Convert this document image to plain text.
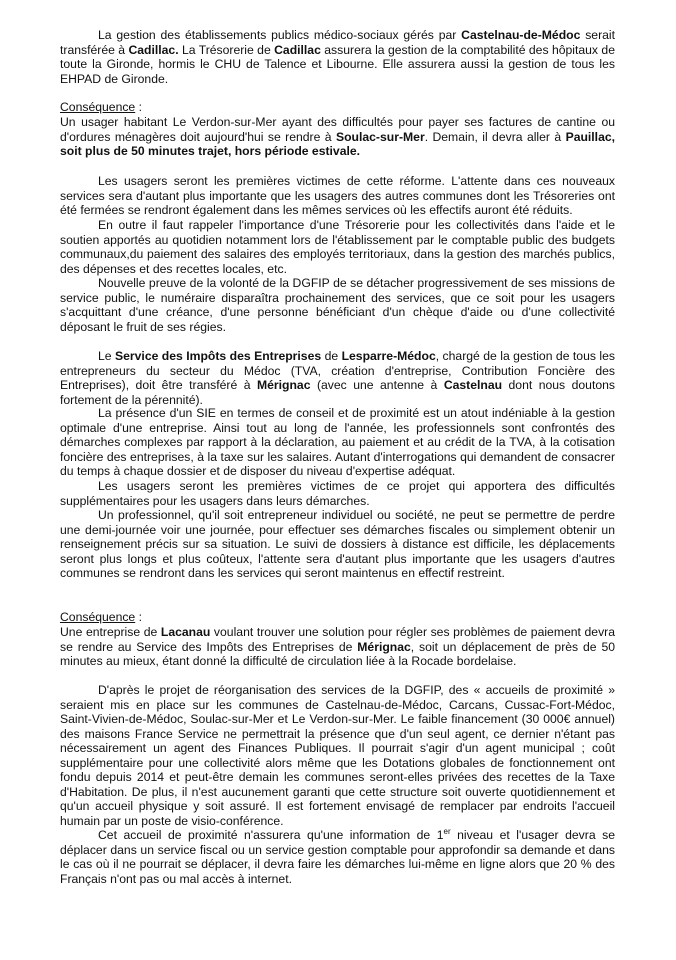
La gestion des établissements publics médico-sociaux gérés par Castelnau-de-Médoc serait transférée à Cadillac. La Trésorerie de Cadillac assurera la gestion de la comptabilité des hôpitaux de toute la Gironde, hormis le CHU de Talence et Libourne. Elle assurera aussi la gestion de tous les EHPAD de Gironde.

Conséquence :

Un usager habitant Le Verdon-sur-Mer ayant des difficultés pour payer ses factures de cantine ou d'ordures ménagères doit aujourd'hui se rendre à Soulac-sur-Mer. Demain, il devra aller à Pauillac, soit plus de 50 minutes trajet, hors période estivale.

Les usagers seront les premières victimes de cette réforme. L'attente dans ces nouveaux services sera d'autant plus importante que les usagers des autres communes dont les Trésoreries ont été fermées se rendront également dans les mêmes services où les effectifs auront été réduits.

En outre il faut rappeler l'importance d'une Trésorerie pour les collectivités dans l'aide et le soutien apportés au quotidien notamment lors de l'établissement par le comptable public des budgets communaux,du paiement des salaires des employés territoriaux, dans la gestion des marchés publics, des dépenses et des recettes locales, etc.

Nouvelle preuve de la volonté de la DGFIP de se détacher progressivement de ses missions de service public, le numéraire disparaîtra prochainement des services, que ce soit pour les usagers s'acquittant d'une créance, d'une personne bénéficiant d'un chèque d'aide ou d'une collectivité déposant le fruit de ses régies.

Le Service des Impôts des Entreprises de Lesparre-Médoc, chargé de la gestion de tous les entrepreneurs du secteur du Médoc (TVA, création d'entreprise, Contribution Foncière des Entreprises), doit être transféré à Mérignac (avec une antenne à Castelnau dont nous doutons fortement de la pérennité).

La présence d'un SIE en termes de conseil et de proximité est un atout indéniable à la gestion optimale d'une entreprise. Ainsi tout au long de l'année, les professionnels sont confrontés des démarches complexes par rapport à la déclaration, au paiement et au crédit de la TVA, à la cotisation foncière des entreprises, à la taxe sur les salaires. Autant d'interrogations qui demandent de consacrer du temps à chaque dossier et de disposer du niveau d'expertise adéquat.

Les usagers seront les premières victimes de ce projet qui apportera des difficultés supplémentaires pour les usagers dans leurs démarches.

Un professionnel, qu'il soit entrepreneur individuel ou société, ne peut se permettre de perdre une demi-journée voir une journée, pour effectuer ses démarches fiscales ou simplement obtenir un renseignement précis sur sa situation. Le suivi de dossiers à distance est difficile, les déplacements seront plus longs et plus coûteux, l'attente sera d'autant plus importante que les usagers d'autres communes se rendront dans les services qui seront maintenus en effectif restreint.

Conséquence :

Une entreprise de Lacanau voulant trouver une solution pour régler ses problèmes de paiement devra se rendre au Service des Impôts des Entreprises de Mérignac, soit un déplacement de près de 50 minutes au mieux, étant donné la difficulté de circulation liée à la Rocade bordelaise.

D'après le projet de réorganisation des services de la DGFIP, des « accueils de proximité » seraient mis en place sur les communes de Castelnau-de-Médoc, Carcans, Cussac-Fort-Médoc, Saint-Vivien-de-Médoc, Soulac-sur-Mer et Le Verdon-sur-Mer. Le faible financement (30 000€ annuel) des maisons France Service ne permettrait la présence que d'un seul agent, ce dernier n'étant pas nécessairement un agent des Finances Publiques. Il pourrait s'agir d'un agent municipal ; coût supplémentaire pour une collectivité alors même que les Dotations globales de fonctionnement ont fondu depuis 2014 et peut-être demain les communes seront-elles privées des recettes de la Taxe d'Habitation. De plus, il n'est aucunement garanti que cette structure soit ouverte quotidiennement et qu'un accueil physique y soit assuré. Il est fortement envisagé de remplacer par endroits l'accueil humain par un poste de visio-conférence.

Cet accueil de proximité n'assurera qu'une information de 1er niveau et l'usager devra se déplacer dans un service fiscal ou un service gestion comptable pour approfondir sa demande et dans le cas où il ne pourrait se déplacer, il devra faire les démarches lui-même en ligne alors que 20 % des Français n'ont pas ou mal accès à internet.
